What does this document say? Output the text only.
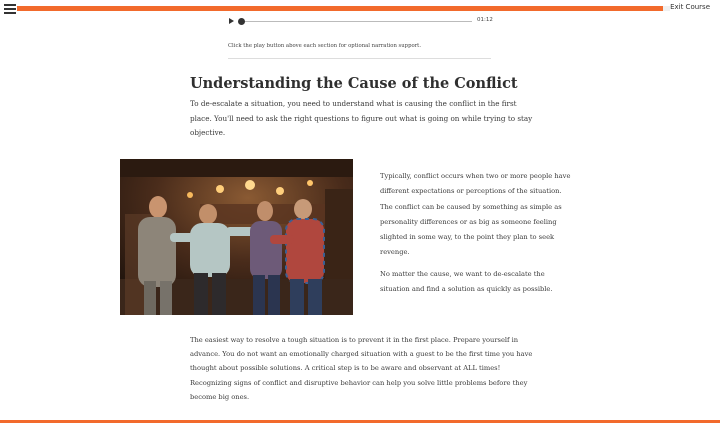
Exit Course
01:12
Click the play button above each section for optional narration support.
Understanding the Cause of the Conflict

To de-escalate a situation, you need to understand what is causing the conflict in the first place. You'll need to ask the right questions to figure out what is going on while trying to stay objective.

Typically, conflict occurs when two or more people have different expectations or perceptions of the situation. The conflict can be caused by something as simple as personality differences or as big as someone feeling slighted in some way, to the point they plan to seek revenge.

No matter the cause, we want to de-escalate the situation and find a solution as quickly as possible.

The easiest way to resolve a tough situation is to prevent it in the first place. Prepare yourself in advance. You do not want an emotionally charged situation with a guest to be the first time you have thought about possible solutions. A critical step is to be aware and observant at ALL times! Recognizing signs of conflict and disruptive behavior can help you solve little problems before they become big ones.
